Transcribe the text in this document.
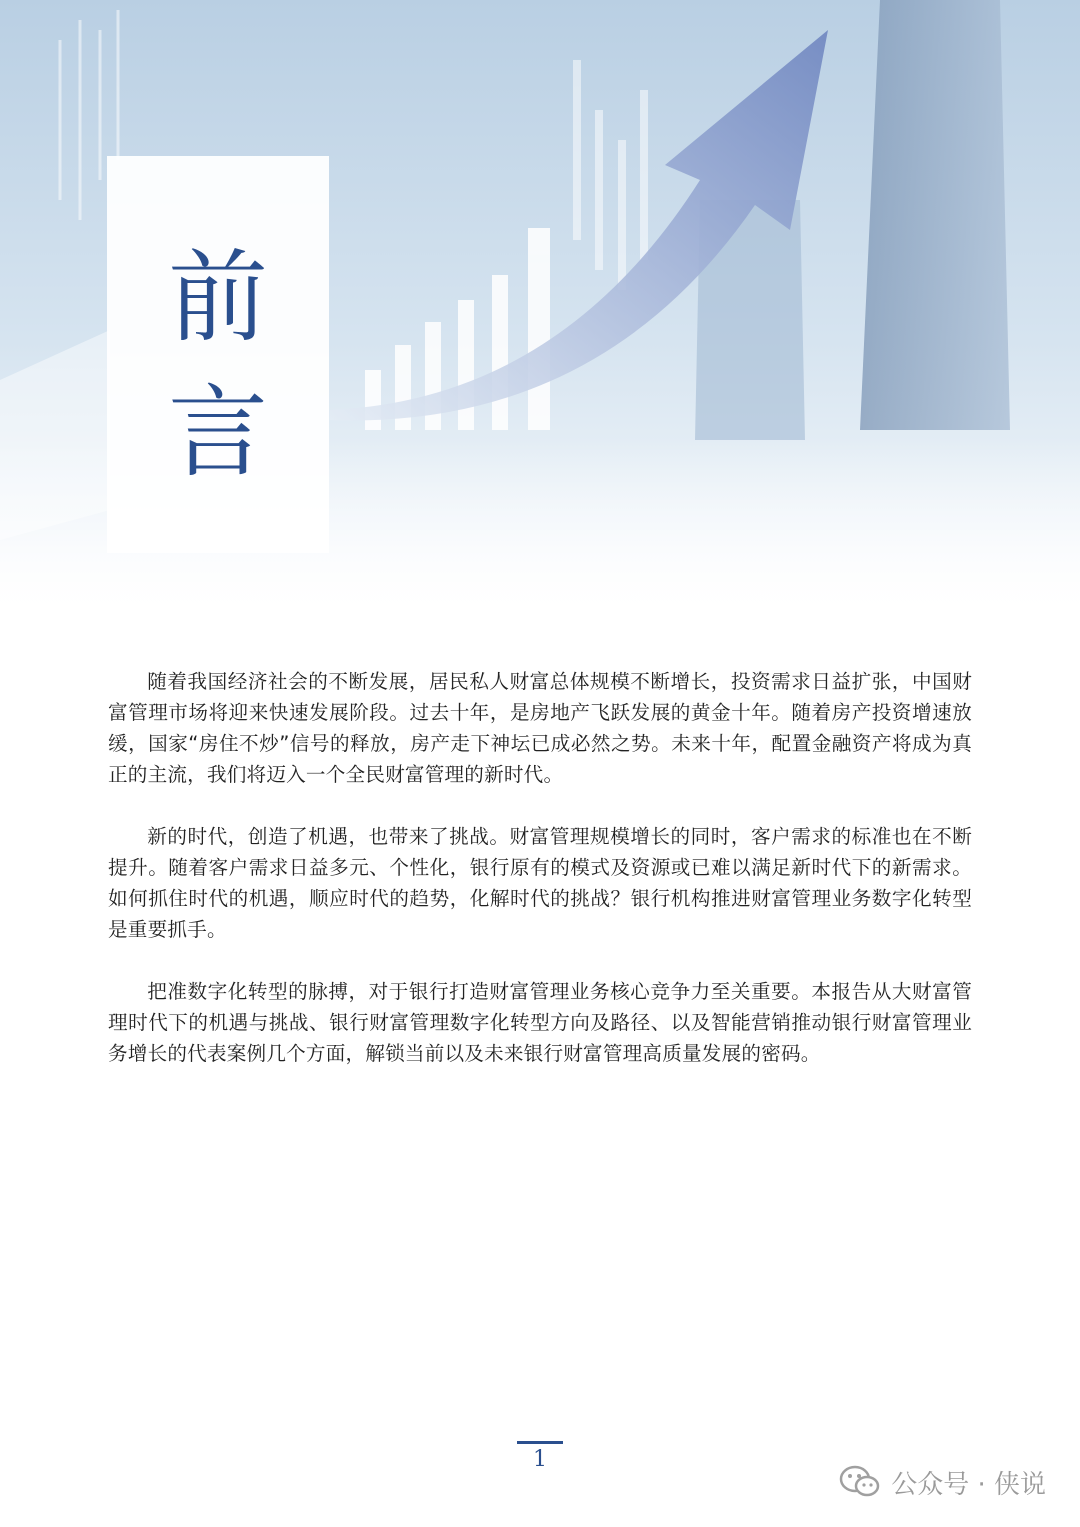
前
言

随着我国经济社会的不断发展，居民私人财富总体规模不断增长，投资需求日益扩张，中国财富管理市场将迎来快速发展阶段。过去十年，是房地产飞跃发展的黄金十年。随着房产投资增速放缓，国家“房住不炒”信号的释放，房产走下神坛已成必然之势。未来十年，配置金融资产将成为真正的主流，我们将迈入一个全民财富管理的新时代。

新的时代，创造了机遇，也带来了挑战。财富管理规模增长的同时，客户需求的标准也在不断提升。随着客户需求日益多元、个性化，银行原有的模式及资源或已难以满足新时代下的新需求。如何抓住时代的机遇，顺应时代的趋势，化解时代的挑战？银行机构推进财富管理业务数字化转型是重要抓手。

把准数字化转型的脉搏，对于银行打造财富管理业务核心竞争力至关重要。本报告从大财富管理时代下的机遇与挑战、银行财富管理数字化转型方向及路径、以及智能营销推动银行财富管理业务增长的代表案例几个方面，解锁当前以及未来银行财富管理高质量发展的密码。

1
公众号 · 侠说
